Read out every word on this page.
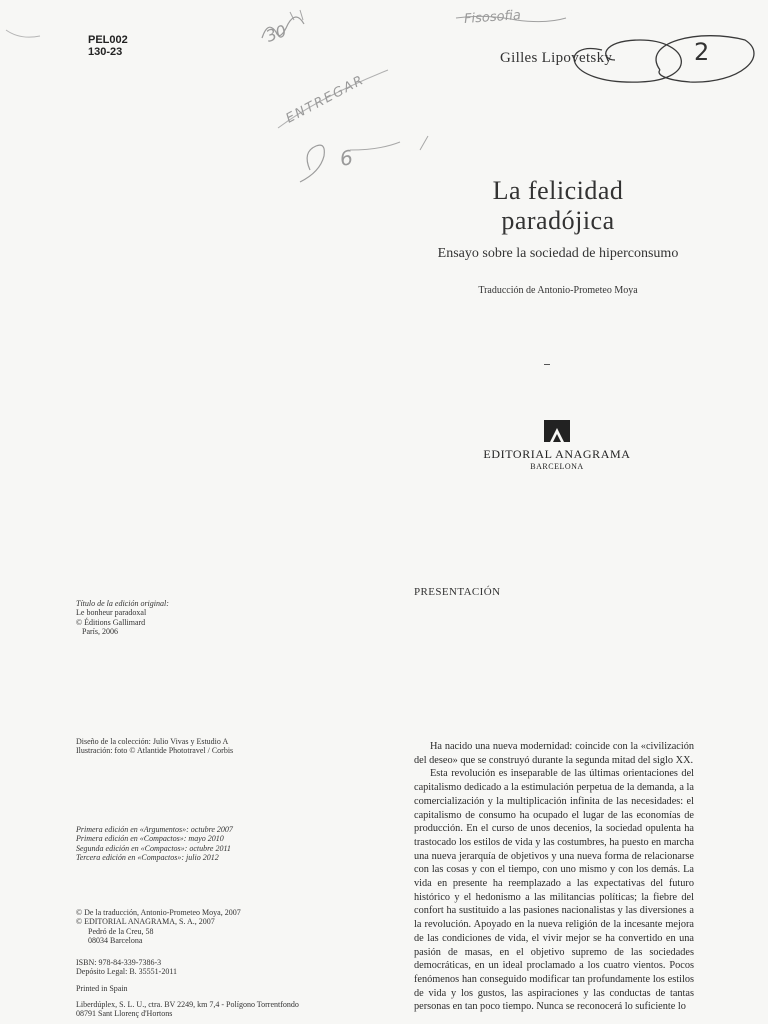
PEL002
130-23
Fisosofia
30
ENTREGAR
6
2
Gilles Lipovetsky
La felicidad
paradójica
Ensayo sobre la sociedad de hiperconsumo
Traducción de Antonio-Prometeo Moya
EDITORIAL ANAGRAMA
BARCELONA
Título de la edición original:
Le bonheur paradoxal
© Éditions Gallimard
París, 2006
Diseño de la colección: Julio Vivas y Estudio A
Ilustración: foto © Atlantide Phototravel / Corbis
Primera edición en «Argumentos»: octubre 2007
Primera edición en «Compactos»: mayo 2010
Segunda edición en «Compactos»: octubre 2011
Tercera edición en «Compactos»: julio 2012
© De la traducción, Antonio-Prometeo Moya, 2007
© EDITORIAL ANAGRAMA, S. A., 2007
Pedró de la Creu, 58
08034 Barcelona
ISBN: 978-84-339-7386-3
Depósito Legal: B. 35551-2011
Printed in Spain
Liberdúplex, S. L. U., ctra. BV 2249, km 7,4 - Polígono Torrentfondo
08791 Sant Llorenç d'Hortons
PRESENTACIÓN

Ha nacido una nueva modernidad: coincide con la «civilización del deseo» que se construyó durante la segunda mitad del siglo XX.

Esta revolución es inseparable de las últimas orientaciones del capitalismo dedicado a la estimulación perpetua de la demanda, a la comercialización y la multiplicación infinita de las necesidades: el capitalismo de consumo ha ocupado el lugar de las economías de producción. En el curso de unos decenios, la sociedad opulenta ha trastocado los estilos de vida y las costumbres, ha puesto en marcha una nueva jerarquía de objetivos y una nueva forma de relacionarse con las cosas y con el tiempo, con uno mismo y con los demás. La vida en presente ha reemplazado a las expectativas del futuro histórico y el hedonismo a las militancias políticas; la fiebre del confort ha sustituido a las pasiones nacionalistas y las diversiones a la revolución. Apoyado en la nueva religión de la incesante mejora de las condiciones de vida, el vivir mejor se ha convertido en una pasión de masas, en el objetivo supremo de las sociedades democráticas, en un ideal proclamado a los cuatro vientos. Pocos fenómenos han conseguido modificar tan profundamente los estilos de vida y los gustos, las aspiraciones y las conductas de tantas personas en tan poco tiempo. Nunca se reconocerá lo suficiente lo
